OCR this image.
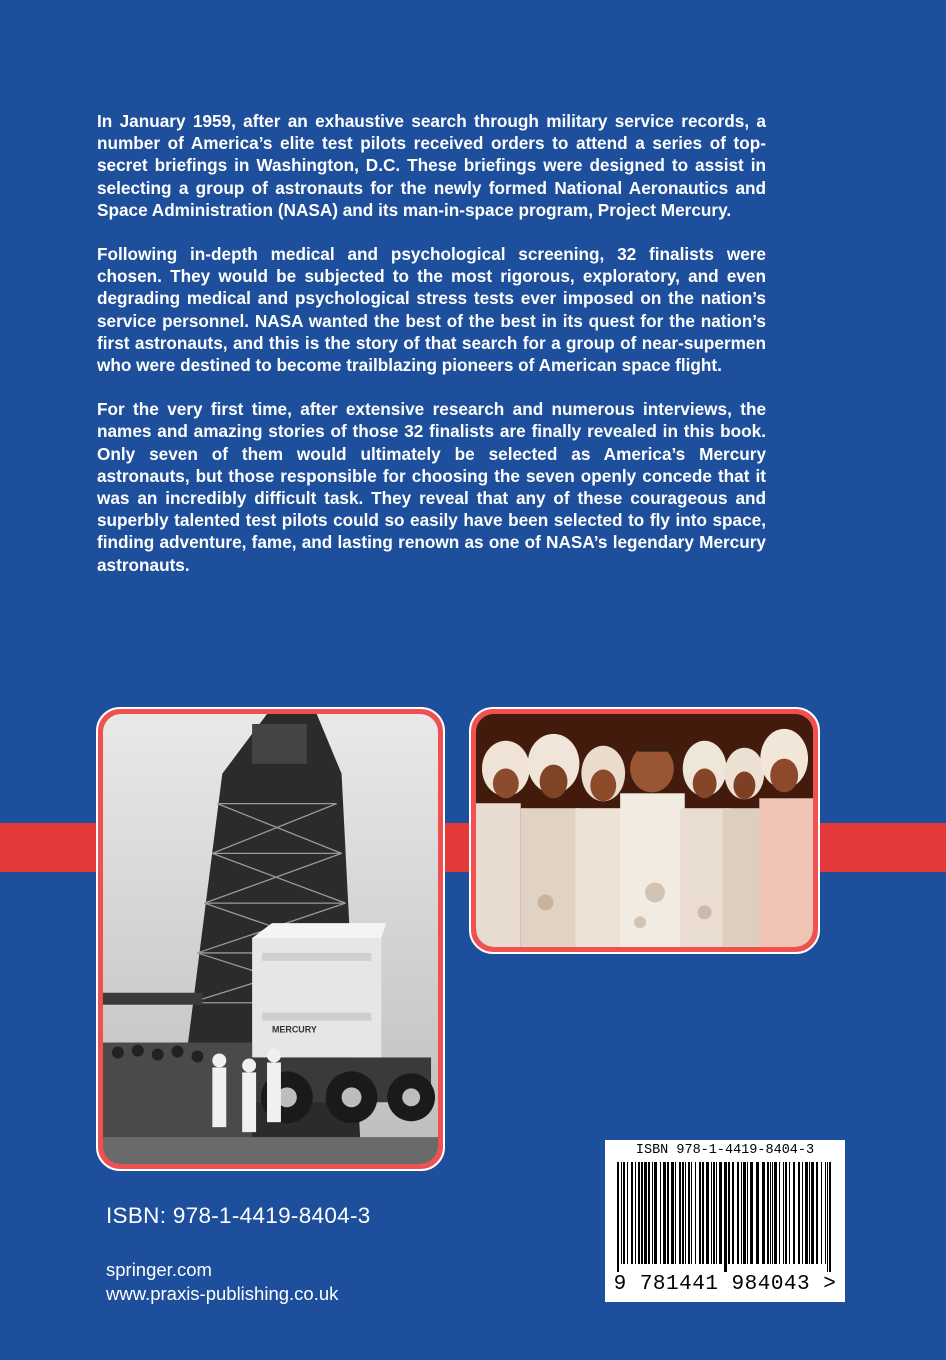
In January 1959, after an exhaustive search through military service records, a number of America’s elite test pilots received orders to attend a series of top-secret briefings in Washington, D.C. These briefings were designed to assist in selecting a group of astronauts for the newly formed National Aeronautics and Space Administration (NASA) and its man-in-space program, Project Mercury.

Following in-depth medical and psychological screening, 32 finalists were chosen. They would be subjected to the most rigorous, exploratory, and even degrading medical and psychological stress tests ever imposed on the nation’s service personnel. NASA wanted the best of the best in its quest for the nation’s first astronauts, and this is the story of that search for a group of near-supermen who were destined to become trailblazing pioneers of American space flight.

For the very first time, after extensive research and numerous interviews, the names and amazing stories of those 32 finalists are finally revealed in this book. Only seven of them would ultimately be selected as America’s Mercury astronauts, but those responsible for choosing the seven openly concede that it was an incredibly difficult task. They reveal that any of these courageous and superbly talented test pilots could so easily have been selected to fly into space, finding adventure, fame, and lasting renown as one of NASA’s legendary Mercury astronauts.

MERCURY
ISBN: 978-1-4419-8404-3
springer.com
www.praxis-publishing.co.uk
ISBN 978-1-4419-8404-3
9 781441 984043 >
